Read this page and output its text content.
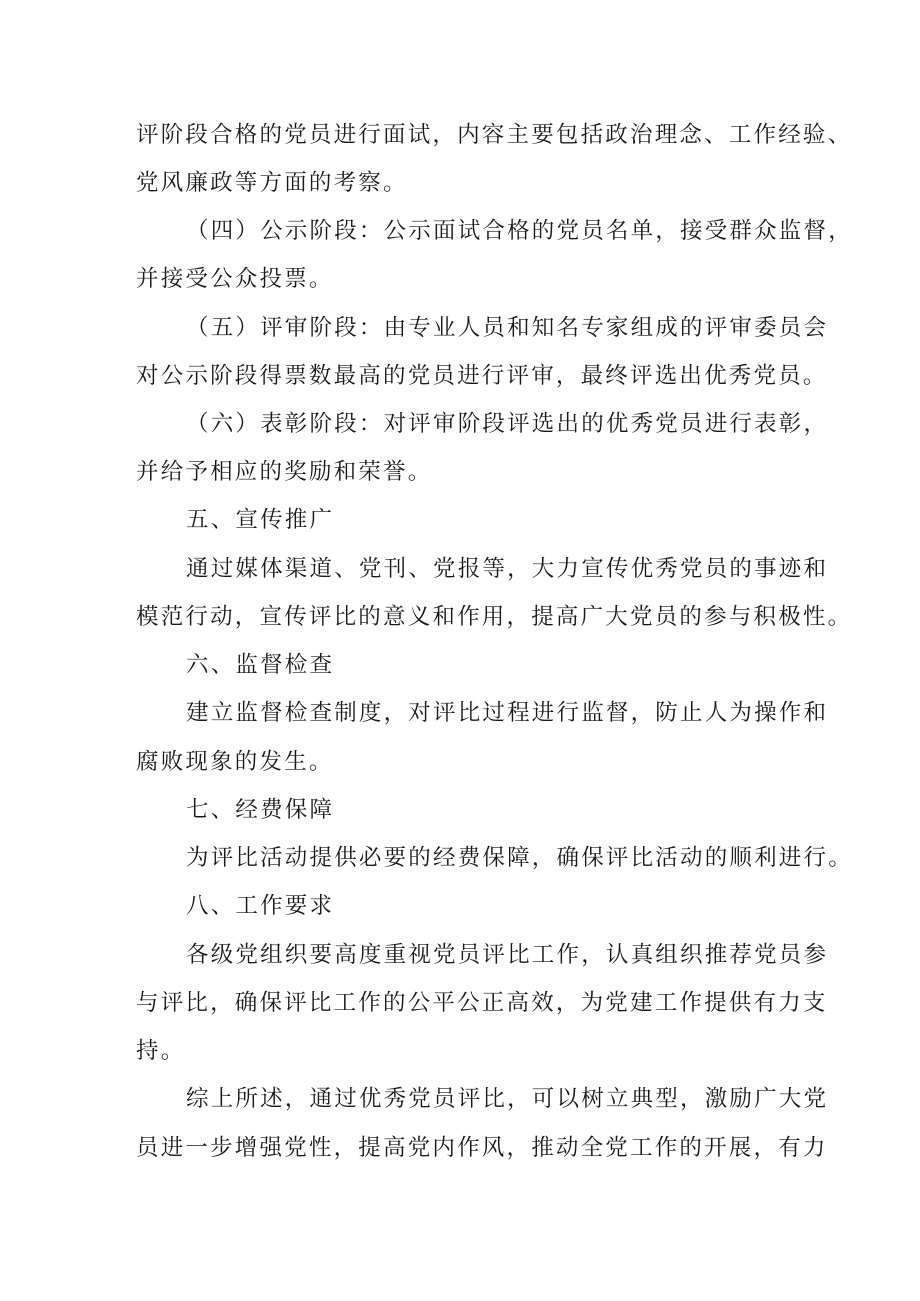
评阶段合格的党员进行面试，内容主要包括政治理念、工作经验、
党风廉政等方面的考察。
（四）公示阶段：公示面试合格的党员名单，接受群众监督，
并接受公众投票。
（五）评审阶段：由专业人员和知名专家组成的评审委员会
对公示阶段得票数最高的党员进行评审，最终评选出优秀党员。
（六）表彰阶段：对评审阶段评选出的优秀党员进行表彰，
并给予相应的奖励和荣誉。
五、宣传推广
通过媒体渠道、党刊、党报等，大力宣传优秀党员的事迹和
模范行动，宣传评比的意义和作用，提高广大党员的参与积极性。
六、监督检查
建立监督检查制度，对评比过程进行监督，防止人为操作和
腐败现象的发生。
七、经费保障
为评比活动提供必要的经费保障，确保评比活动的顺利进行。
八、工作要求
各级党组织要高度重视党员评比工作，认真组织推荐党员参
与评比，确保评比工作的公平公正高效，为党建工作提供有力支
持。
综上所述，通过优秀党员评比，可以树立典型，激励广大党
员进一步增强党性，提高党内作风，推动全党工作的开展，有力
